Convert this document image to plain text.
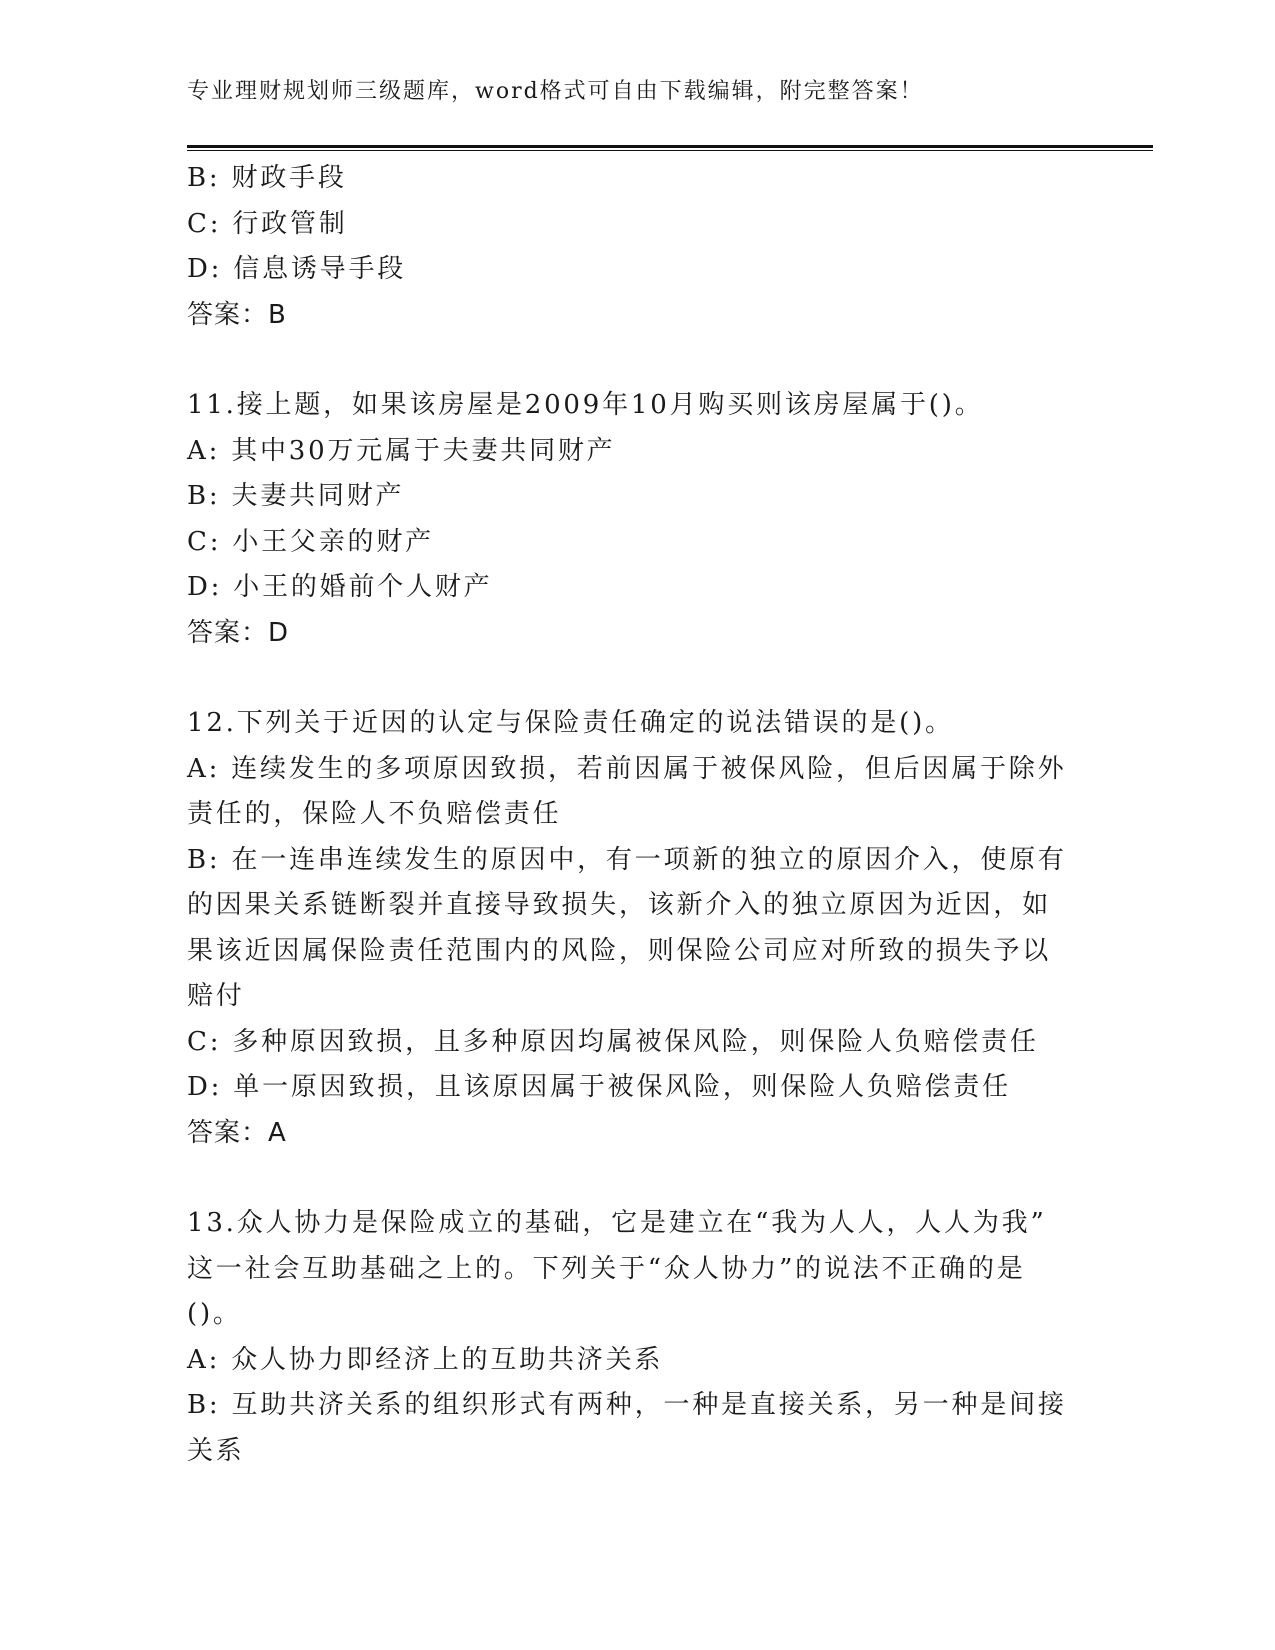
专业理财规划师三级题库，word格式可自由下载编辑，附完整答案！
B: 财政手段
C: 行政管制
D: 信息诱导手段
答案：B
11.接上题，如果该房屋是2009年10月购买则该房屋属于()。
A: 其中30万元属于夫妻共同财产
B: 夫妻共同财产
C: 小王父亲的财产
D: 小王的婚前个人财产
答案：D
12.下列关于近因的认定与保险责任确定的说法错误的是()。
A: 连续发生的多项原因致损，若前因属于被保风险，但后因属于除外
责任的，保险人不负赔偿责任
B: 在一连串连续发生的原因中，有一项新的独立的原因介入，使原有
的因果关系链断裂并直接导致损失，该新介入的独立原因为近因，如
果该近因属保险责任范围内的风险，则保险公司应对所致的损失予以
赔付
C: 多种原因致损，且多种原因均属被保风险，则保险人负赔偿责任
D: 单一原因致损，且该原因属于被保风险，则保险人负赔偿责任
答案：A
13.众人协力是保险成立的基础，它是建立在“我为人人，人人为我”
这一社会互助基础之上的。下列关于“众人协力”的说法不正确的是
()。
A: 众人协力即经济上的互助共济关系
B: 互助共济关系的组织形式有两种，一种是直接关系，另一种是间接
关系
